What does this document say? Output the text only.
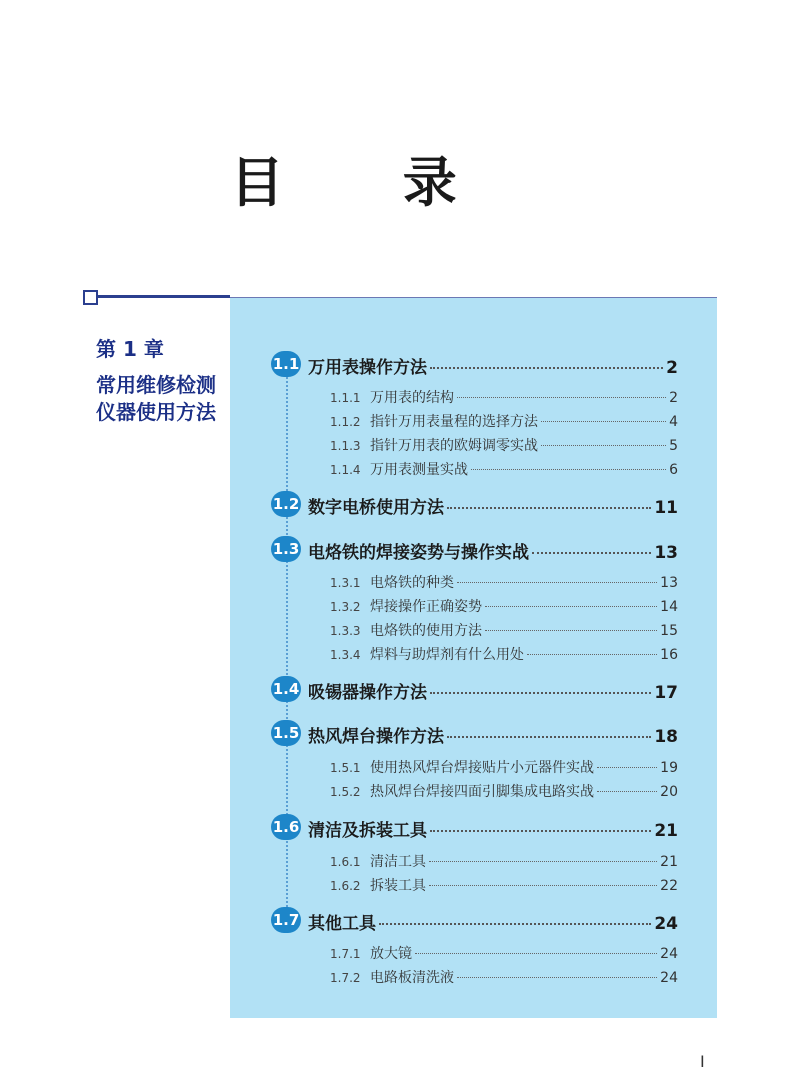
目 录
第 1 章
常用维修检测仪器使用方法
1.1 万用表操作方法	2
1.1.1 万用表的结构	2
1.1.2 指针万用表量程的选择方法	4
1.1.3 指针万用表的欧姆调零实战	5
1.1.4 万用表测量实战	6
1.2 数字电桥使用方法	11
1.3 电烙铁的焊接姿势与操作实战	13
1.3.1 电烙铁的种类	13
1.3.2 焊接操作正确姿势	14
1.3.3 电烙铁的使用方法	15
1.3.4 焊料与助焊剂有什么用处	16
1.4 吸锡器操作方法	17
1.5 热风焊台操作方法	18
1.5.1 使用热风焊台焊接贴片小元器件实战	19
1.5.2 热风焊台焊接四面引脚集成电路实战	20
1.6 清洁及拆装工具	21
1.6.1 清洁工具	21
1.6.2 拆装工具	22
1.7 其他工具	24
1.7.1 放大镜	24
1.7.2 电路板清洗液	24
I
